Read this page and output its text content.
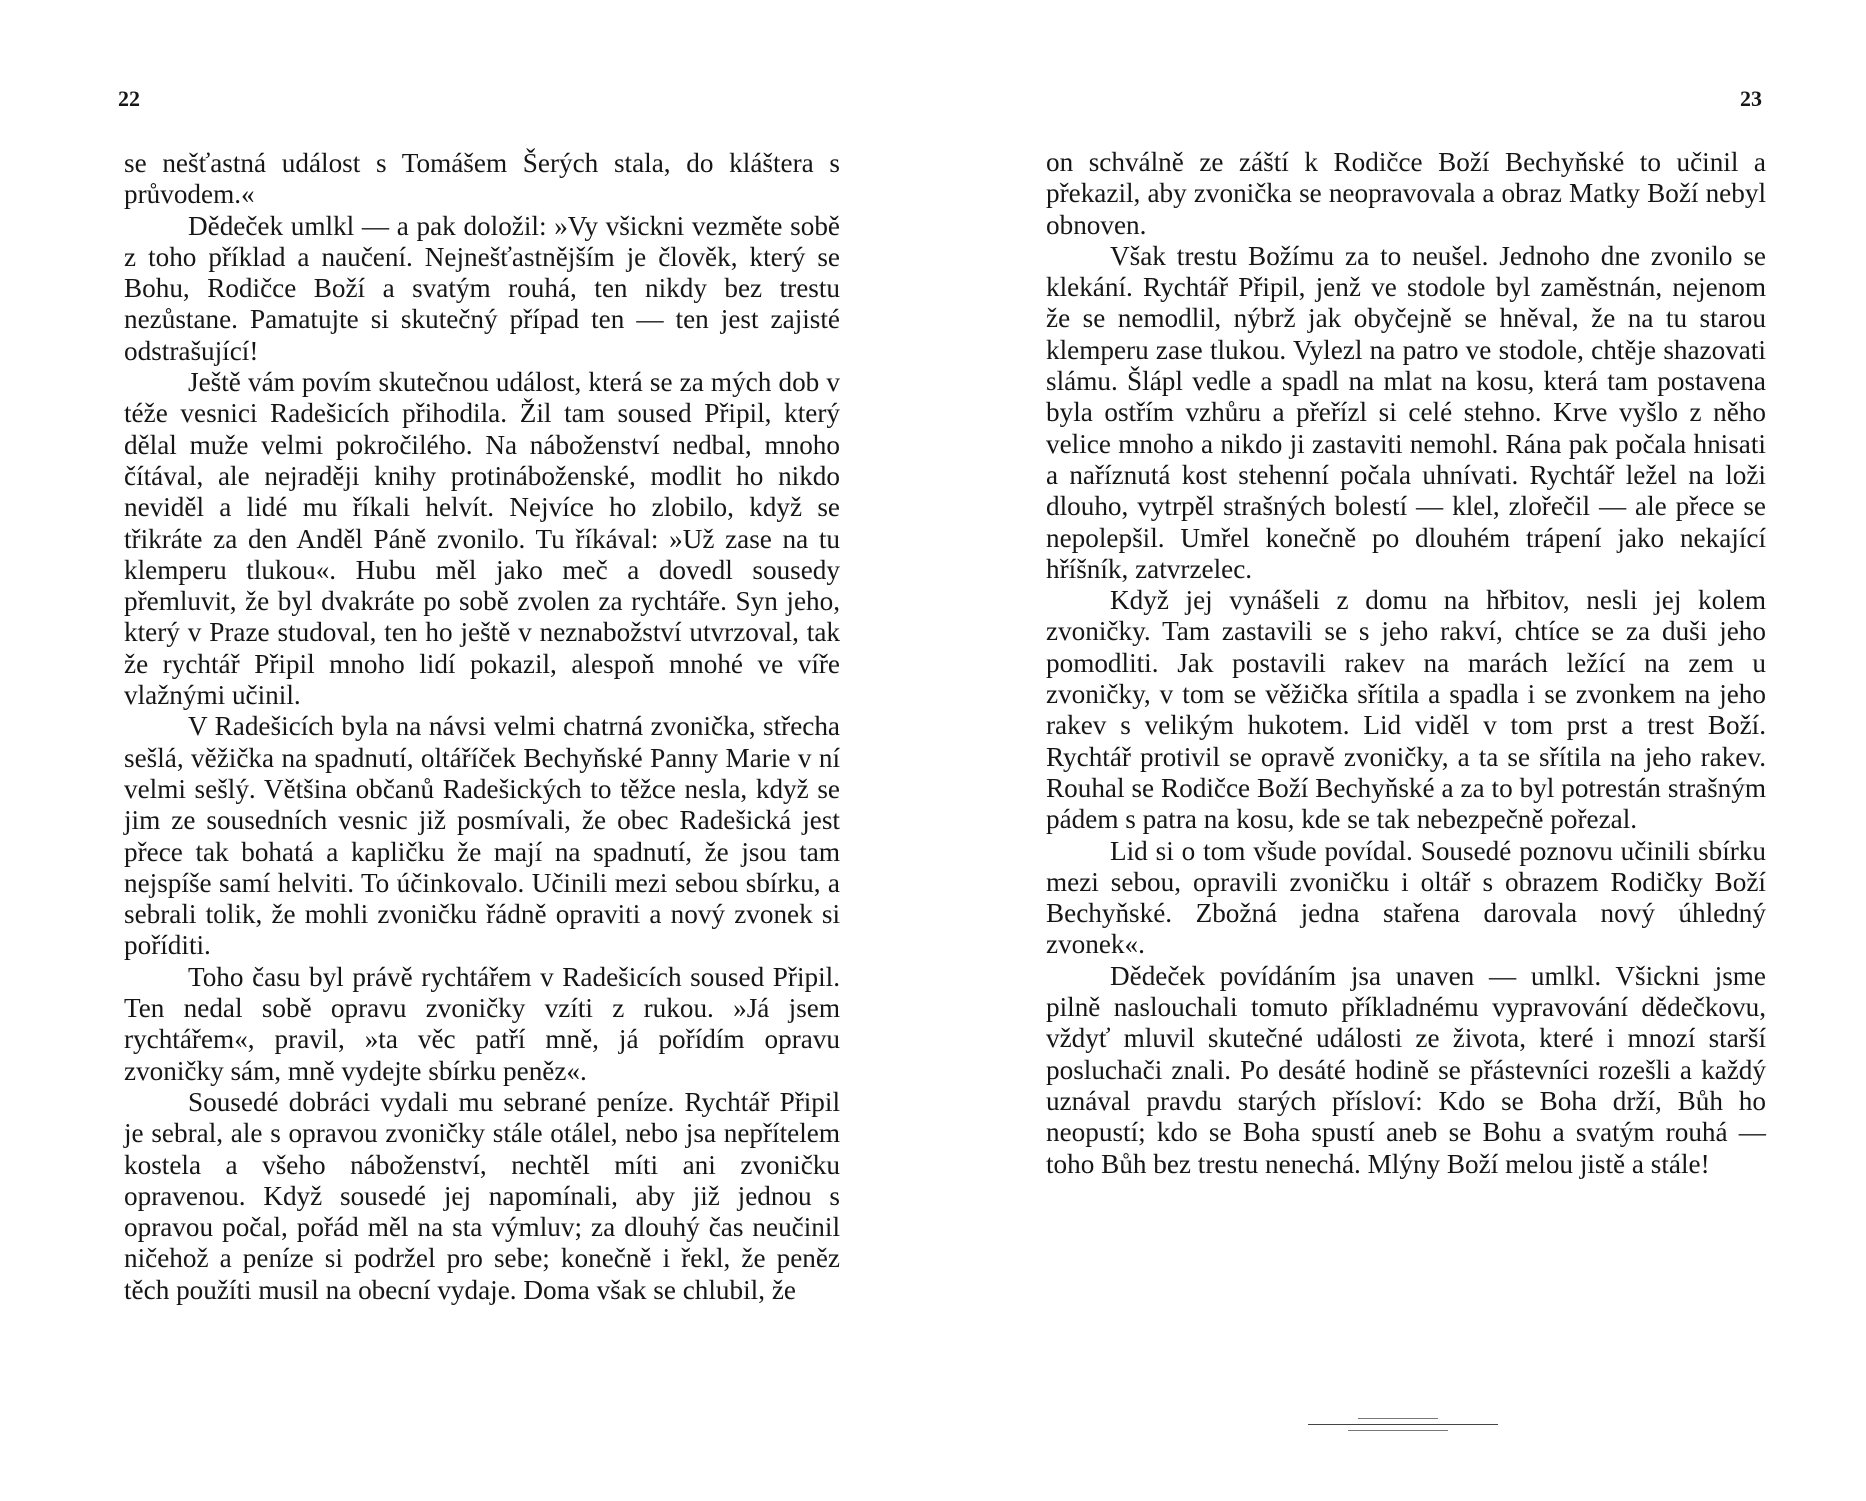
22

se nešťastná událost s Tomášem Šerých stala, do kláštera s průvodem.«

Dědeček umlkl — a pak doložil: »Vy všickni vezměte sobě z toho příklad a naučení. Nejnešťastnějším je člověk, který se Bohu, Rodičce Boží a svatým rouhá, ten nikdy bez trestu nezůstane. Pamatujte si skutečný případ ten — ten jest zajisté odstrašující!

Ještě vám povím skutečnou událost, která se za mých dob v téže vesnici Radešicích přihodila. Žil tam soused Připil, který dělal muže velmi pokročilého. Na náboženství nedbal, mnoho čítával, ale nejraději knihy protináboženské, modlit ho nikdo neviděl a lidé mu říkali helvít. Nejvíce ho zlobilo, když se třikráte za den Anděl Páně zvonilo. Tu říkával: »Už zase na tu klemperu tlukou«. Hubu měl jako meč a dovedl sousedy přemluvit, že byl dvakráte po sobě zvolen za rychtáře. Syn jeho, který v Praze studoval, ten ho ještě v neznabožství utvrzoval, tak že rychtář Připil mnoho lidí pokazil, alespoň mnohé ve víře vlažnými učinil.

V Radešicích byla na návsi velmi chatrná zvonička, střecha sešlá, věžička na spadnutí, oltáříček Bechyňské Panny Marie v ní velmi sešlý. Většina občanů Radešických to těžce nesla, když se jim ze sousedních vesnic již posmívali, že obec Radešická jest přece tak bohatá a kapličku že mají na spadnutí, že jsou tam nejspíše samí helviti. To účinkovalo. Učinili mezi sebou sbírku, a sebrali tolik, že mohli zvoničku řádně opraviti a nový zvonek si poříditi.

Toho času byl právě rychtářem v Radešicích soused Připil. Ten nedal sobě opravu zvoničky vzíti z rukou. »Já jsem rychtářem«, pravil, »ta věc patří mně, já pořídím opravu zvoničky sám, mně vydejte sbírku peněz«.

Sousedé dobráci vydali mu sebrané peníze. Rychtář Připil je sebral, ale s opravou zvoničky stále otálel, nebo jsa nepřítelem kostela a všeho náboženství, nechtěl míti ani zvoničku opravenou. Když sousedé jej napomínali, aby již jednou s opravou počal, pořád měl na sta výmluv; za dlouhý čas neučinil ničehož a peníze si podržel pro sebe; konečně i řekl, že peněz těch použíti musil na obecní vydaje. Doma však se chlubil, že

23

on schválně ze záští k Rodičce Boží Bechyňské to učinil a překazil, aby zvonička se neopravovala a obraz Matky Boží nebyl obnoven.

Však trestu Božímu za to neušel. Jednoho dne zvonilo se klekání. Rychtář Připil, jenž ve stodole byl zaměstnán, nejenom že se nemodlil, nýbrž jak obyčejně se hněval, že na tu starou klemperu zase tlukou. Vylezl na patro ve stodole, chtěje shazovati slámu. Šlápl vedle a spadl na mlat na kosu, která tam postavena byla ostřím vzhůru a přeřízl si celé stehno. Krve vyšlo z něho velice mnoho a nikdo ji zastaviti nemohl. Rána pak počala hnisati a naříznutá kost stehenní počala uhnívati. Rychtář ležel na loži dlouho, vytrpěl strašných bolestí — klel, zlořečil — ale přece se nepolepšil. Umřel konečně po dlouhém trápení jako nekající hříšník, zatvrzelec.

Když jej vynášeli z domu na hřbitov, nesli jej kolem zvoničky. Tam zastavili se s jeho rakví, chtíce se za duši jeho pomodliti. Jak postavili rakev na marách ležící na zem u zvoničky, v tom se věžička sřítila a spadla i se zvonkem na jeho rakev s velikým hukotem. Lid viděl v tom prst a trest Boží. Rychtář protivil se opravě zvoničky, a ta se sřítila na jeho rakev. Rouhal se Rodičce Boží Bechyňské a za to byl potrestán strašným pádem s patra na kosu, kde se tak nebezpečně pořezal.

Lid si o tom všude povídal. Sousedé poznovu učinili sbírku mezi sebou, opravili zvoničku i oltář s obrazem Rodičky Boží Bechyňské. Zbožná jedna stařena darovala nový úhledný zvonek«.

Dědeček povídáním jsa unaven — umlkl. Všickni jsme pilně naslouchali tomuto příkladnému vypravování dědečkovu, vždyť mluvil skutečné události ze života, které i mnozí starší posluchači znali. Po desáté hodině se přástevníci rozešli a každý uznával pravdu starých přísloví: Kdo se Boha drží, Bůh ho neopustí; kdo se Boha spustí aneb se Bohu a svatým rouhá — toho Bůh bez trestu nenechá. Mlýny Boží melou jistě a stále!
